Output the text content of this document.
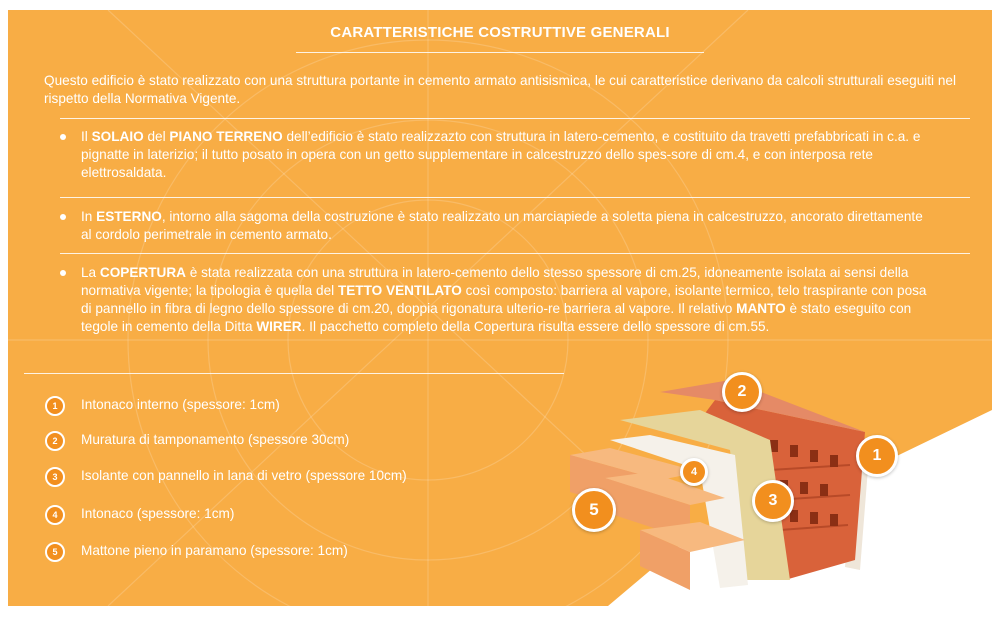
CARATTERISTICHE COSTRUTTIVE GENERALI
Questo edificio è stato realizzato con una struttura portante in cemento armato antisismica, le cui caratteristice derivano da calcoli strutturali eseguiti nel rispetto della Normativa Vigente.
Il SOLAIO del PIANO TERRENO dell’edificio è stato realizzazto con struttura in latero-cemento, e costituito da travetti prefabbricati in c.a. e pignatte in laterizio; il tutto posato in opera con un getto supplementare in calcestruzzo dello spes-sore di cm.4, e con interposa rete elettrosaldata.
In ESTERNO, intorno alla sagoma della costruzione è stato realizzato un marciapiede a soletta piena in calcestruzzo, ancorato direttamente al cordolo perimetrale in cemento armato.
La COPERTURA è stata realizzata con una struttura in latero-cemento dello stesso spessore di cm.25, idoneamente isolata ai sensi della normativa vigente; la tipologia è quella del TETTO VENTILATO così composto: barriera al vapore, isolante termico, telo traspirante con posa di pannello in fibra di legno dello spessore di cm.20, doppia rigonatura ulterio-re barriera al vapore. Il relativo MANTO è stato eseguito con tegole in cemento della Ditta WIRER. Il pacchetto completo della Copertura risulta essere dello spessore di cm.55.
1	Intonaco interno (spessore: 1cm)
2	Muratura di tamponamento (spessore 30cm)
3	Isolante con pannello in lana di vetro (spessore 10cm)
4	Intonaco (spessore: 1cm)
5	Mattone pieno in paramano (spessore: 1cm)
2
1
3
4
5
